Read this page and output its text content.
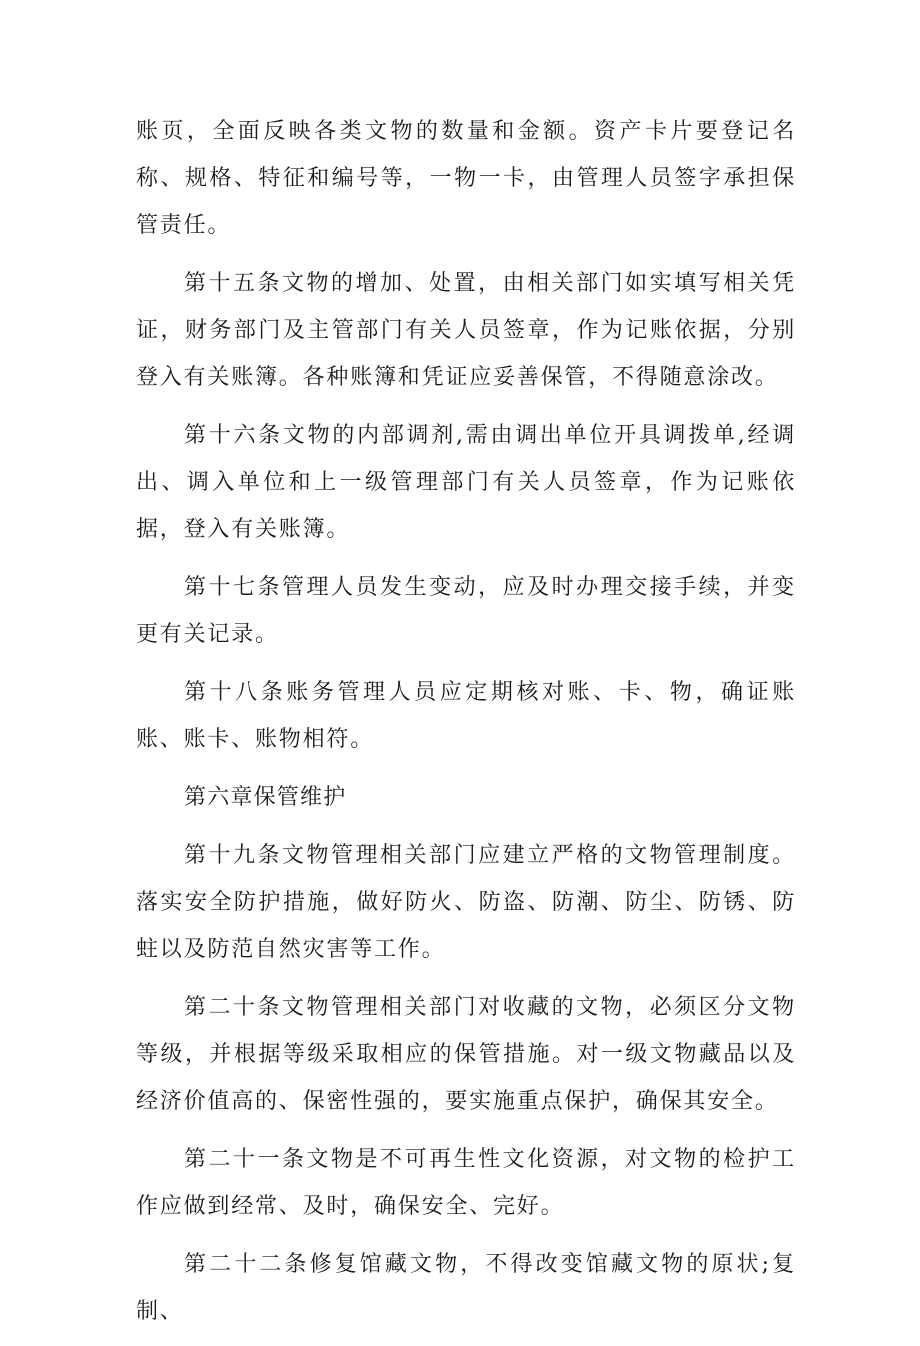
账页，全面反映各类文物的数量和金额。资产卡片要登记名称、规格、特征和编号等，一物一卡，由管理人员签字承担保管责任。

第十五条文物的增加、处置，由相关部门如实填写相关凭证，财务部门及主管部门有关人员签章，作为记账依据，分别登入有关账簿。各种账簿和凭证应妥善保管，不得随意涂改。

第十六条文物的内部调剂,需由调出单位开具调拨单,经调出、调入单位和上一级管理部门有关人员签章，作为记账依据，登入有关账簿。

第十七条管理人员发生变动，应及时办理交接手续，并变更有关记录。

第十八条账务管理人员应定期核对账、卡、物，确证账账、账卡、账物相符。

第六章保管维护

第十九条文物管理相关部门应建立严格的文物管理制度。落实安全防护措施，做好防火、防盗、防潮、防尘、防锈、防蛀以及防范自然灾害等工作。

第二十条文物管理相关部门对收藏的文物，必须区分文物等级，并根据等级采取相应的保管措施。对一级文物藏品以及经济价值高的、保密性强的，要实施重点保护，确保其安全。

第二十一条文物是不可再生性文化资源，对文物的检护工作应做到经常、及时，确保安全、完好。

第二十二条修复馆藏文物，不得改变馆藏文物的原状;复制、
